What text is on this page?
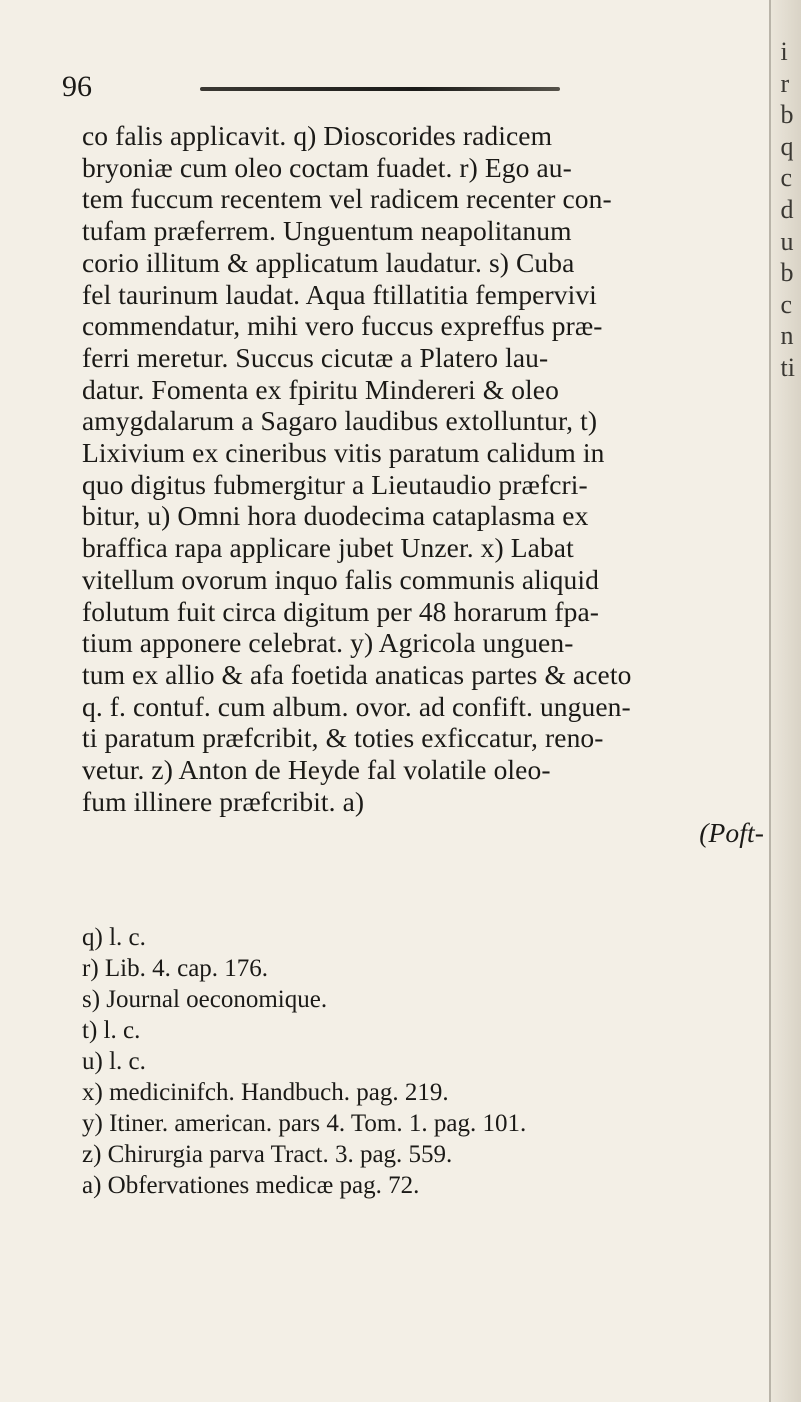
96
co falis applicavit. q) Dioscorides radicem
bryoniæ cum oleo coctam fuadet. r) Ego au-
tem fuccum recentem vel radicem recenter con-
tufam præferrem. Unguentum neapolitanum
corio illitum & applicatum laudatur. s) Cuba
fel taurinum laudat. Aqua ftillatitia fempervivi
commendatur, mihi vero fuccus expreffus præ-
ferri meretur. Succus cicutæ a Platero lau-
datur. Fomenta ex fpiritu Mindereri & oleo
amygdalarum a Sagaro laudibus extolluntur, t)
Lixivium ex cineribus vitis paratum calidum in
quo digitus fubmergitur a Lieutaudio præfcri-
bitur, u) Omni hora duodecima cataplasma ex
braffica rapa applicare jubet Unzer. x) Labat
vitellum ovorum inquo falis communis aliquid
folutum fuit circa digitum per 48 horarum fpa-
tium apponere celebrat. y) Agricola unguen-
tum ex allio & afa foetida anaticas partes & aceto
q. f. contuf. cum album. ovor. ad confift. unguen-
ti paratum præfcribit, & toties exficcatur, reno-
vetur. z) Anton de Heyde fal volatile oleo-
fum illinere præfcribit. a)
(Poft-
q) l. c.
r) Lib. 4. cap. 176.
s) Journal oeconomique.
t) l. c.
u) l. c.
x) medicinifch. Handbuch. pag. 219.
y) Itiner. american. pars 4. Tom. 1. pag. 101.
z) Chirurgia parva Tract. 3. pag. 559.
a) Obfervationes medicæ pag. 72.
i
r
b
q
c
d
u
b
c
n
ti
